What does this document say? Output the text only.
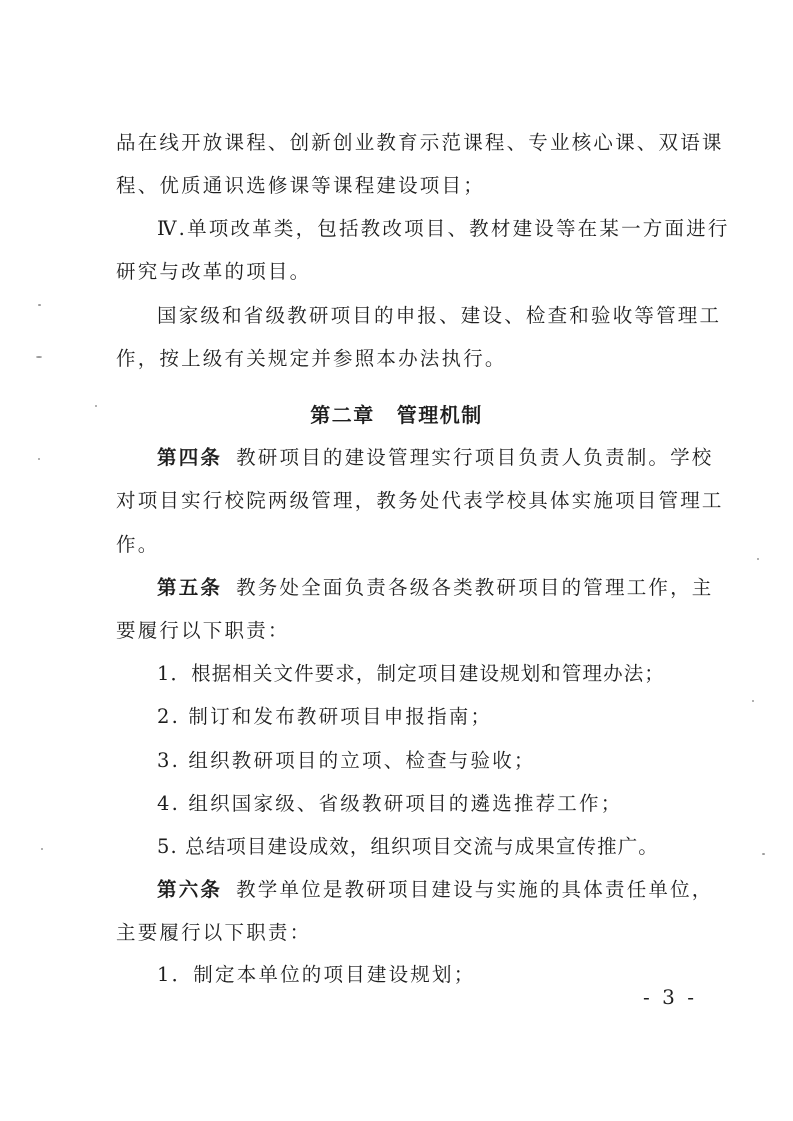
品在线开放课程、创新创业教育示范课程、专业核心课、双语课
程、优质通识选修课等课程建设项目；
Ⅳ.单项改革类，包括教改项目、教材建设等在某一方面进行
研究与改革的项目。
国家级和省级教研项目的申报、建设、检查和验收等管理工
作，按上级有关规定并参照本办法执行。
第二章 管理机制
第四条 教研项目的建设管理实行项目负责人负责制。学校
对项目实行校院两级管理，教务处代表学校具体实施项目管理工
作。
第五条 教务处全面负责各级各类教研项目的管理工作，主
要履行以下职责：
1．根据相关文件要求，制定项目建设规划和管理办法；
2. 制订和发布教研项目申报指南；
3. 组织教研项目的立项、检查与验收；
4. 组织国家级、省级教研项目的遴选推荐工作；
5. 总结项目建设成效，组织项目交流与成果宣传推广。
第六条 教学单位是教研项目建设与实施的具体责任单位，
主要履行以下职责：
1．制定本单位的项目建设规划；
- 3 -
